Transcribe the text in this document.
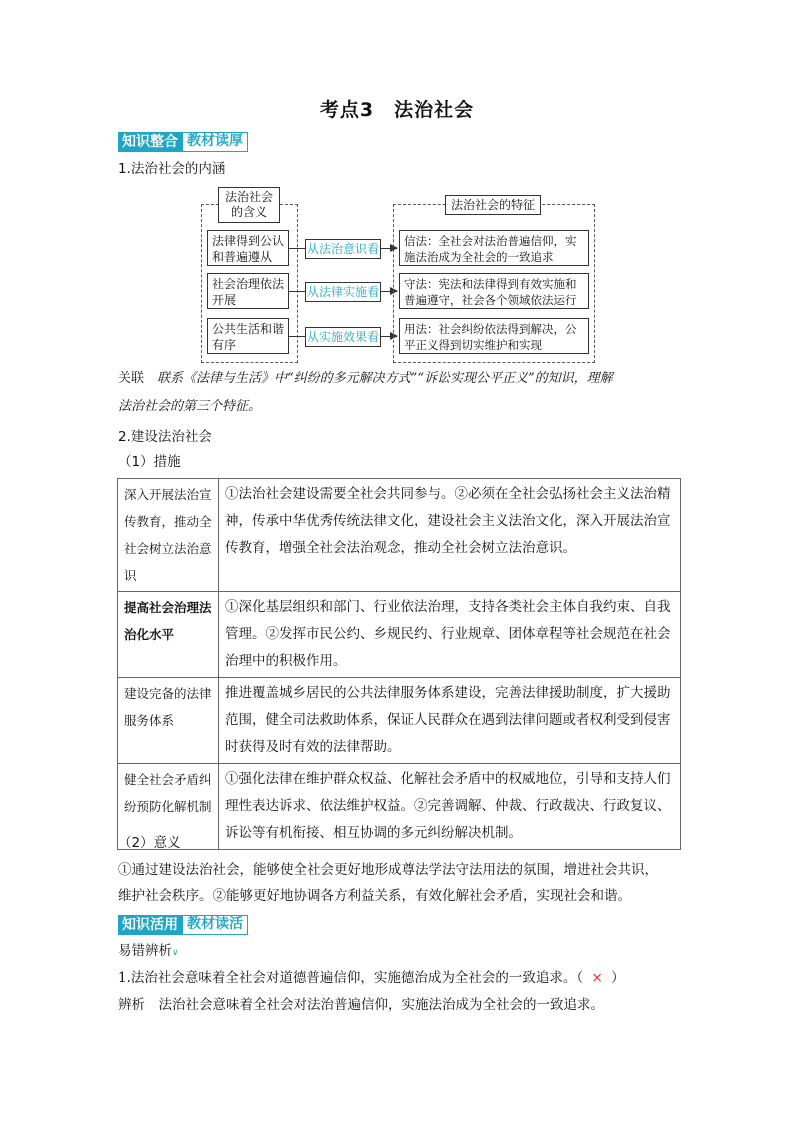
考点3　法治社会
知识整合 教材读厚
1.法治社会的内涵
法治社会的含义
法律得到公认和普遍遵从
社会治理依法开展
公共生活和谐有序
从法治意识看
从法律实施看
从实施效果看
法治社会的特征
信法：全社会对法治普遍信仰，实施法治成为全社会的一致追求
守法：宪法和法律得到有效实施和普遍遵守，社会各个领域依法运行
用法：社会纠纷依法得到解决，公平正义得到切实维护和实现
关联　 联系《法律与生活》中“纠纷的多元解决方式”“诉讼实现公平正义”的知识，理解
法治社会的第三个特征。
2.建设法治社会
（1）措施
深入开展法治宣传教育，推动全社会树立法治意识	①法治社会建设需要全社会共同参与。②必须在全社会弘扬社会主义法治精神，传承中华优秀传统法律文化，建设社会主义法治文化，深入开展法治宣传教育，增强全社会法治观念，推动全社会树立法治意识。
提高社会治理法治化水平	①深化基层组织和部门、行业依法治理，支持各类社会主体自我约束、自我管理。②发挥市民公约、乡规民约、行业规章、团体章程等社会规范在社会治理中的积极作用。
建设完备的法律服务体系	推进覆盖城乡居民的公共法律服务体系建设，完善法律援助制度，扩大援助范围，健全司法救助体系，保证人民群众在遇到法律问题或者权利受到侵害时获得及时有效的法律帮助。
健全社会矛盾纠纷预防化解机制	①强化法律在维护群众权益、化解社会矛盾中的权威地位，引导和支持人们理性表达诉求、依法维护权益。②完善调解、仲裁、行政裁决、行政复议、诉讼等有机衔接、相互协调的多元纠纷解决机制。
（2）意义
①通过建设法治社会，能够使全社会更好地形成尊法学法守法用法的氛围，增进社会共识，
维护社会秩序。②能够更好地协调各方利益关系，有效化解社会矛盾，实现社会和谐。
知识活用 教材读活
易错辨析∨
1.法治社会意味着全社会对道德普遍信仰，实施德治成为全社会的一致追求。（ × ）
辨析　 法治社会意味着全社会对法治普遍信仰，实施法治成为全社会的一致追求。
